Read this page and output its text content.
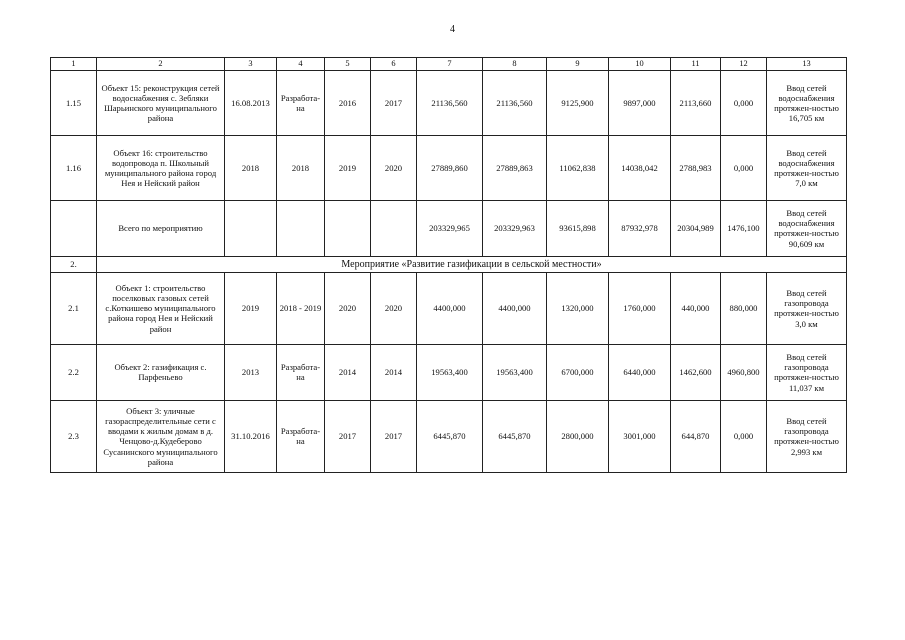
4
1	2	3	4	5	6	7	8	9	10	11	12	13
1.15	Объект 15: реконструкция сетей водоснабжения с. Зебляки Шарьинского муниципального района	16.08.2013	Разработа-на	2016	2017	21136,560	21136,560	9125,900	9897,000	2113,660	0,000	Ввод сетей водоснабжения протяжен-ностью 16,705 км
1.16	Объект 16: строительство водопровода п. Школьный муниципального района город Нея и Нейский район	2018	2018	2019	2020	27889,860	27889,863	11062,838	14038,042	2788,983	0,000	Ввод сетей водоснабжения протяжен-ностью 7,0 км
	Всего по мероприятию					203329,965	203329,963	93615,898	87932,978	20304,989	1476,100	Ввод сетей водоснабжения протяжен-ностью 90,609 км
2.	Мероприятие «Развитие газификации в сельской местности»											
2.1	Объект 1: строительство поселковых газовых сетей с.Коткишево муниципального района город Нея и Нейский район	2019	2018 - 2019	2020	2020	4400,000	4400,000	1320,000	1760,000	440,000	880,000	Ввод сетей газопровода протяжен-ностью 3,0 км
2.2	Объект 2: газификация с. Парфеньево	2013	Разработа-на	2014	2014	19563,400	19563,400	6700,000	6440,000	1462,600	4960,800	Ввод сетей газопровода протяжен-ностью 11,037 км
2.3	Объект 3: уличные газораспределительные сети с вводами к жилым домам в д. Ченцово-д.Кудеберово Сусанинского муниципального района	31.10.2016	Разработа-на	2017	2017	6445,870	6445,870	2800,000	3001,000	644,870	0,000	Ввод сетей газопровода протяжен-ностью 2,993 км
